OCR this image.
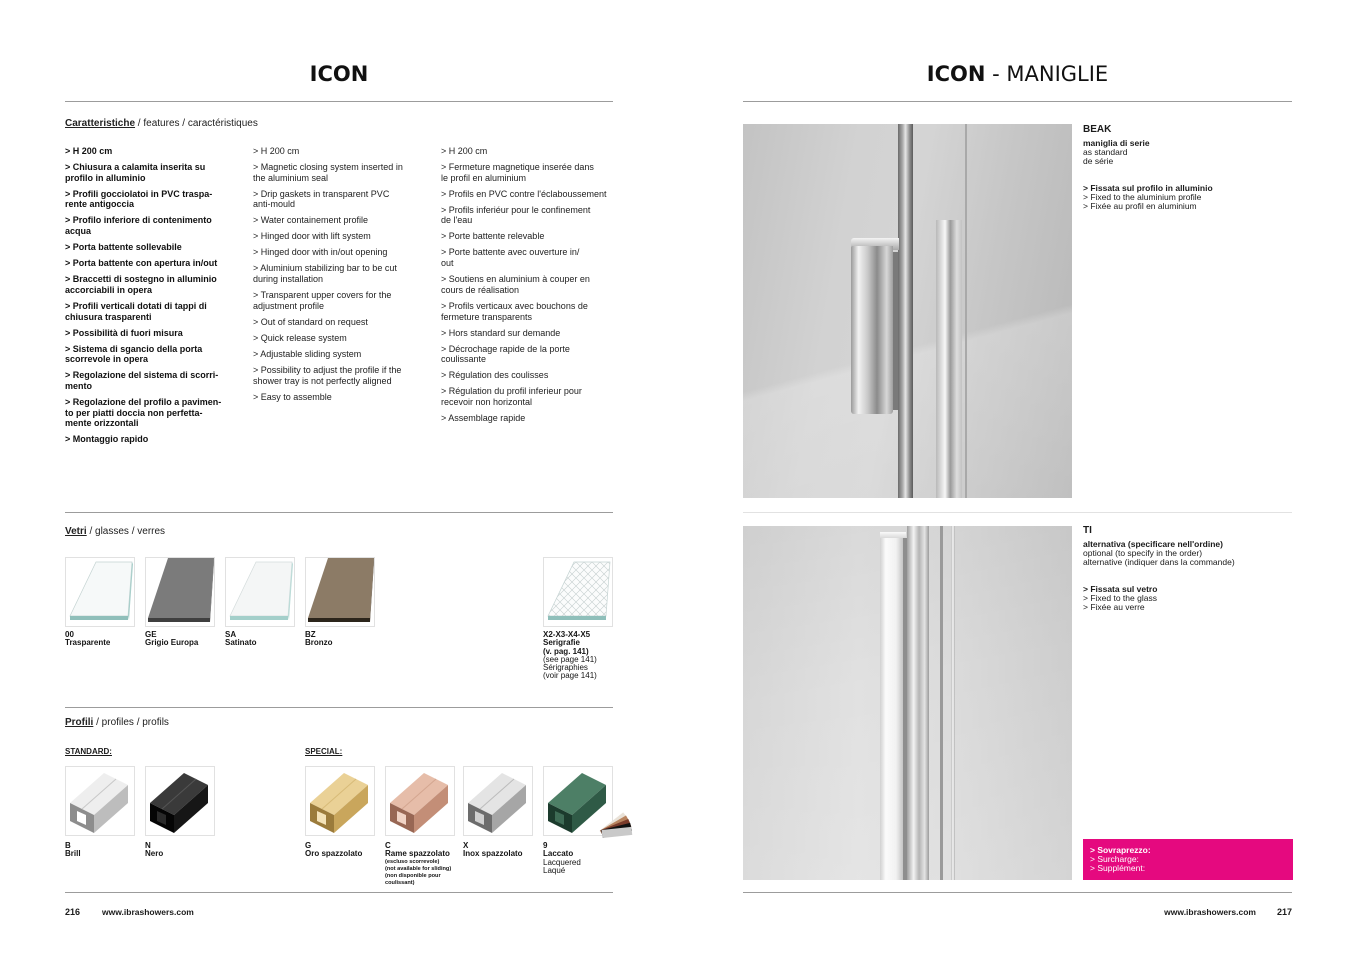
ICON
Caratteristiche / features / caractéristiques
> H 200 cm
> Chiusura a calamita inserita su
profilo in alluminio
> Profili gocciolatoi in PVC traspa-
rente antigoccia
> Profilo inferiore di contenimento
acqua
> Porta battente sollevabile
> Porta battente con apertura in/out
> Braccetti di sostegno in alluminio
accorciabili in opera
> Profili verticali dotati di tappi di
chiusura trasparenti
> Possibilità di fuori misura
> Sistema di sgancio della porta
scorrevole in opera
> Regolazione del sistema di scorri-
mento
> Regolazione del profilo a pavimen-
to per piatti doccia non perfetta-
mente orizzontali
> Montaggio rapido
> H 200 cm
> Magnetic closing system inserted in
the aluminium seal
> Drip gaskets in transparent PVC
anti-mould
> Water containement profile
> Hinged door with lift system
> Hinged door with in/out opening
> Aluminium stabilizing bar to be cut
during installation
> Transparent upper covers for the
adjustment profile
> Out of standard on request
> Quick release system
> Adjustable sliding system
> Possibility to adjust the profile if the
shower tray is not perfectly aligned
> Easy to assemble
> H 200 cm
> Fermeture magnetique inserée dans
le profil en aluminium
> Profils en PVC contre l'éclaboussement
> Profils inferiéur pour le confinement
de l'eau
> Porte battente relevable
> Porte battente avec ouverture in/
out
> Soutiens en aluminium à couper en
cours de réalisation
> Profils verticaux avec bouchons de
fermeture transparents
> Hors standard sur demande
> Décrochage rapide de la porte
coulissante
> Régulation des coulisses
> Régulation du profil inferieur pour
recevoir non horizontal
> Assemblage rapide
Vetri / glasses / verres
00
Trasparente
GE
Grigio Europa
SA
Satinato
BZ
Bronzo
X2-X3-X4-X5
Serigrafie
(v. pag. 141)
(see page 141)
Sérigraphies
(voir page 141)
Profili / profiles / profils
STANDARD:	SPECIAL:
B
Brill
N
Nero
G
Oro spazzolato
C
Rame spazzolato
(escluso scorrevole)
(not available for sliding)
(non disponible pour
coulissant)
X
Inox spazzolato
9
Laccato
Lacquered
Laqué
216	www.ibrashowers.com
ICON - MANIGLIE
BEAK
maniglia di serie
as standard
de série
> Fissata sul profilo in alluminio
> Fixed to the aluminium profile
> Fixée au profil en aluminium
TI
alternativa (specificare nell'ordine)
optional (to specify in the order)
alternative (indiquer dans la commande)
> Fissata sul vetro
> Fixed to the glass
> Fixée au verre
> Sovraprezzo:
> Surcharge:
> Supplément:
www.ibrashowers.com 217
